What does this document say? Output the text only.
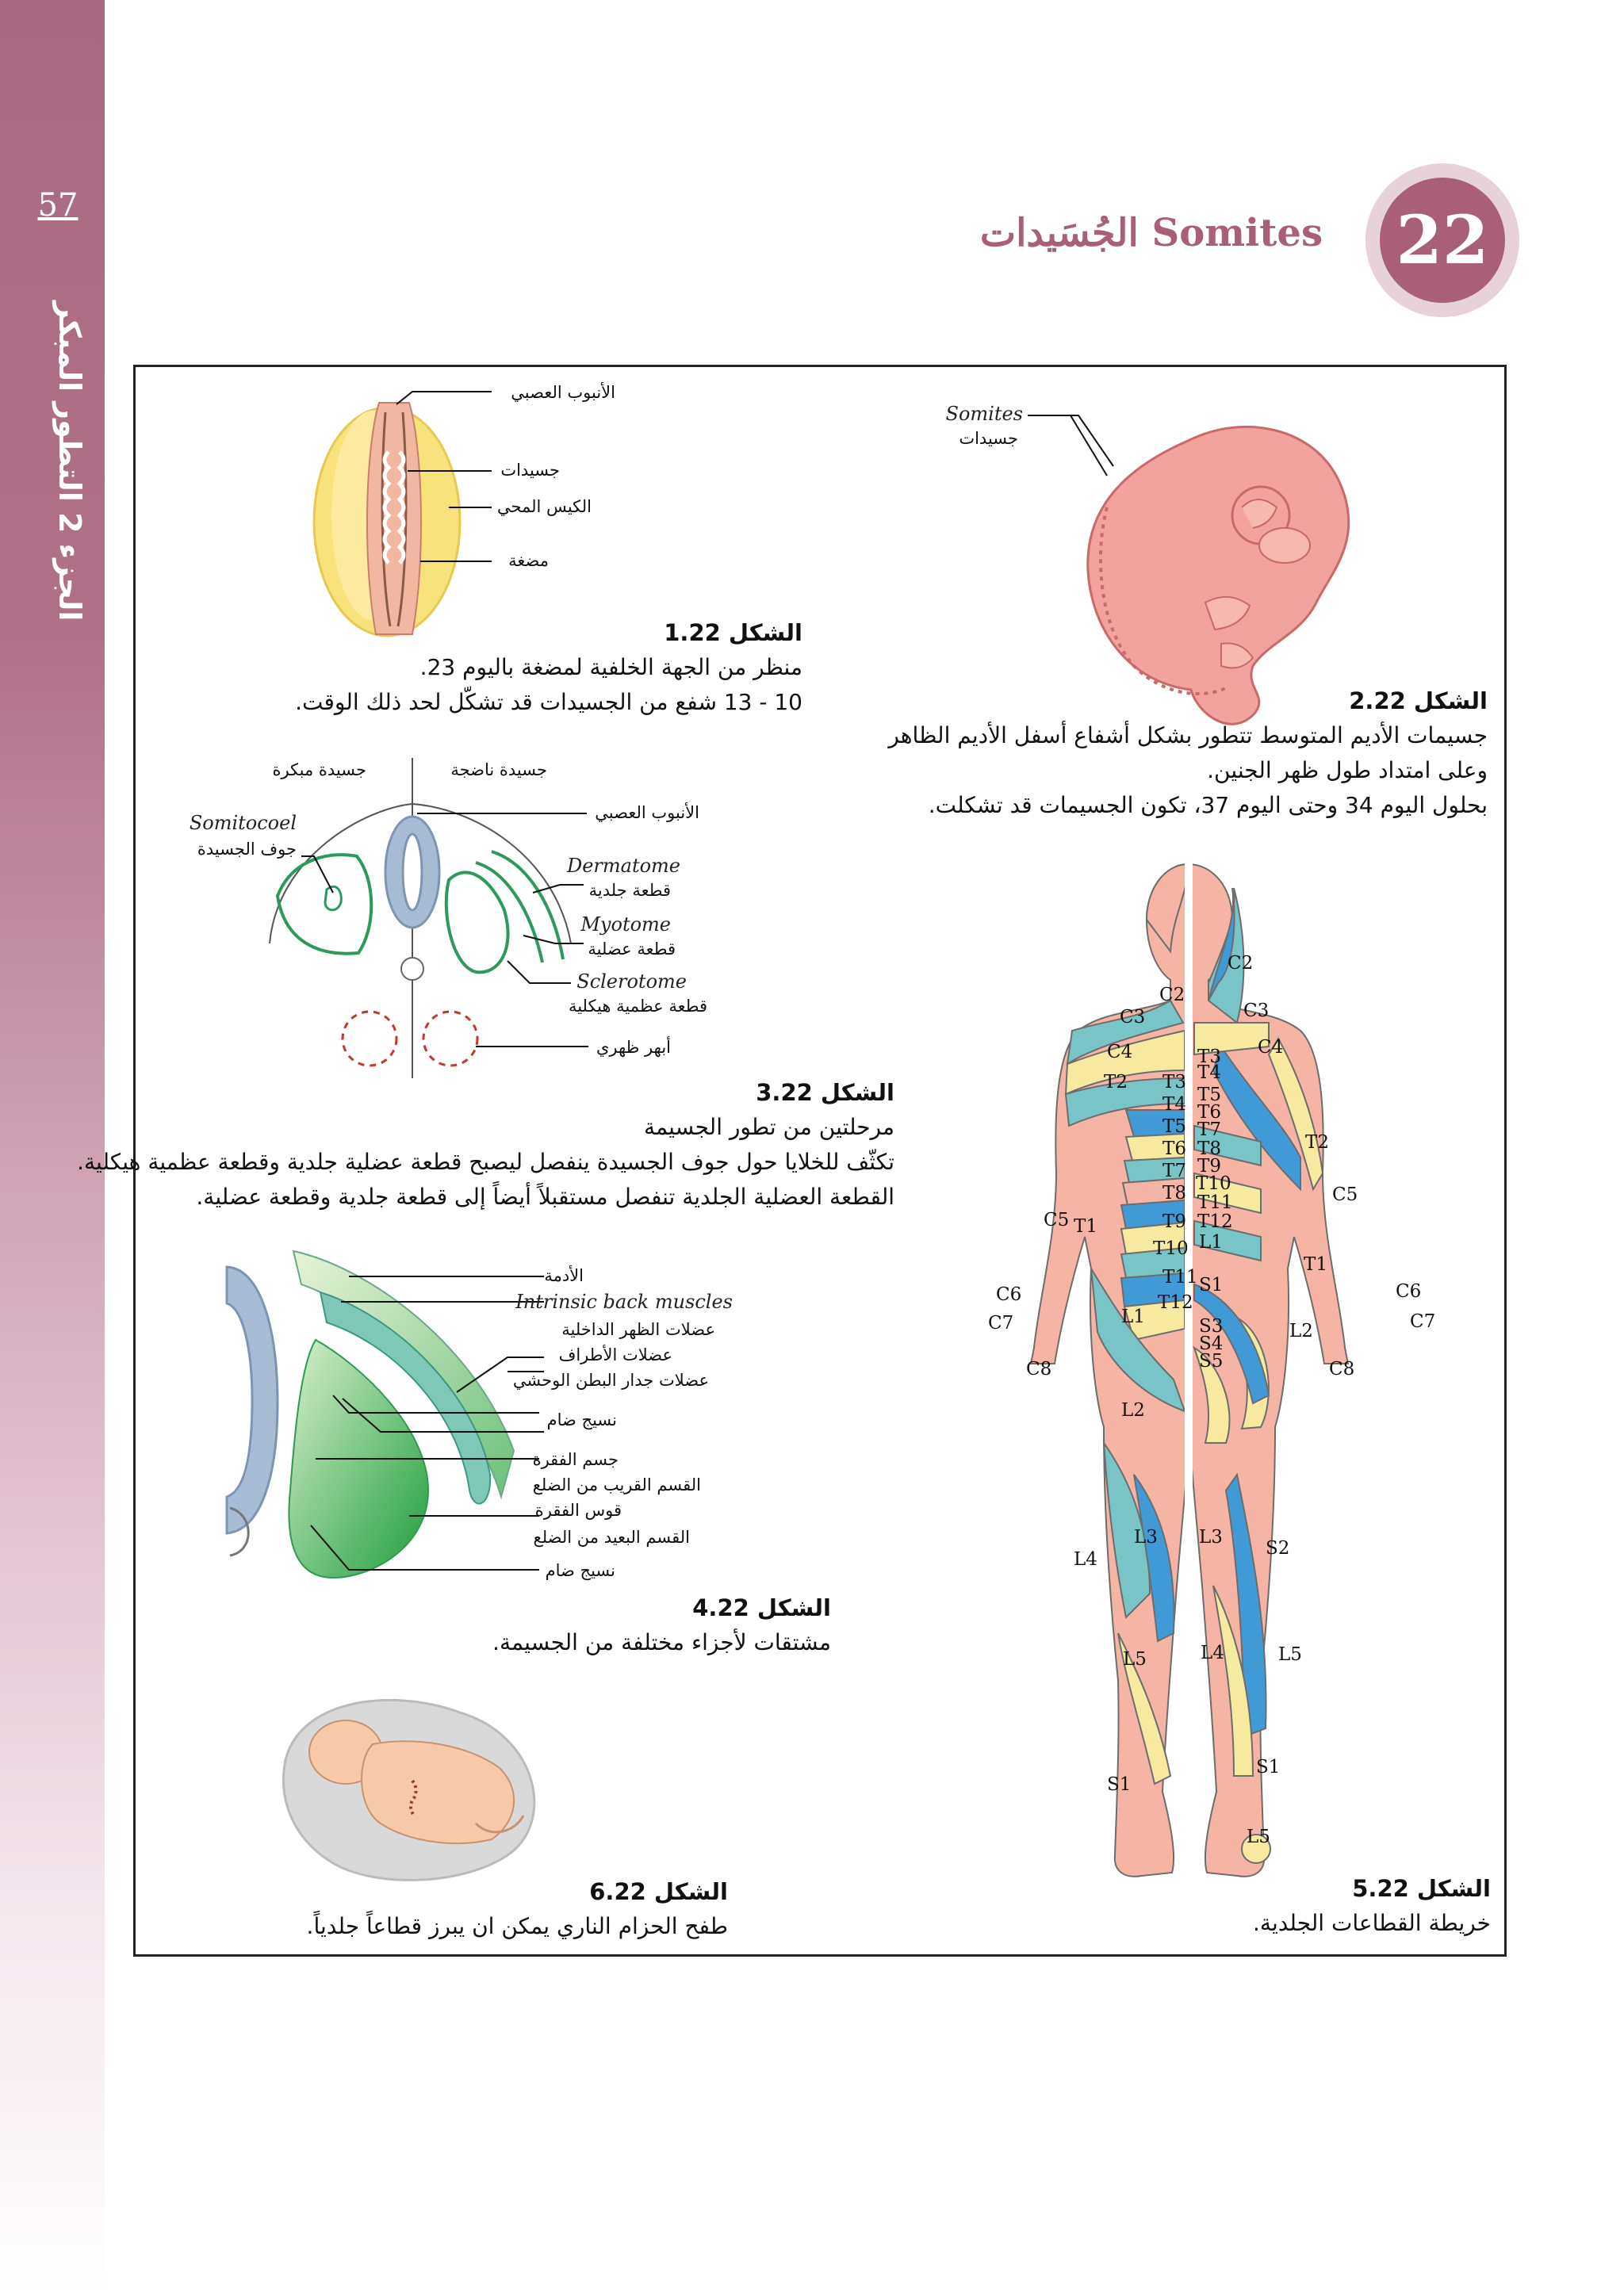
57
الجزء 2 التطور المبكر
22
الجُسَيدات Somites
الأنبوب العصبي
جسيدات
الكيس المحي
مضغة
Somites
جسيدات
جسيدة مبكرة	جسيدة ناضجة
Somitocoel
جوف الجسيدة
الأنبوب العصبي
Dermatome
قطعة جلدية
Myotome
قطعة عضلية
Sclerotome
قطعة عظمية هيكلية
أبهر ظهري
الأدمة
Intrinsic back muscles
عضلات الظهر الداخلية
عضلات الأطراف
عضلات جدار البطن الوحشي
نسيج ضام
جسم الفقرة
القسم القريب من الضلع
قوس الفقرة
القسم البعيد من الضلع
نسيج ضام
C2
C2
C3	C3
C4	C4
T2
T2
T3
T4
T5
T6
T7
T8
T9
T10
T11
T12
T3
T4
T5
T6
T7
T8
T9
T10
T11
T12
L1
S1
S3
S4
S5
T1
T1
C5
C5
C6	C6
C7	C7
C8	C8
L1
L2
L2
L3 L3
L4
L4
L5	L5
L5
S1
S1
S2
الشكل 1.22
منظر من الجهة الخلفية لمضغة باليوم 23.
10 - 13 شفع من الجسيدات قد تشكّل لحد ذلك الوقت.	الشكل 2.22
جسيمات الأديم المتوسط تتطور بشكل أشفاع أسفل الأديم الظاهر
وعلى امتداد طول ظهر الجنين.
بحلول اليوم 34 وحتى اليوم 37، تكون الجسيمات قد تشكلت.
الشكل 3.22
مرحلتين من تطور الجسيمة
تكثّف للخلايا حول جوف الجسيدة ينفصل ليصبح قطعة عضلية جلدية وقطعة عظمية هيكلية.
القطعة العضلية الجلدية تنفصل مستقبلاً أيضاً إلى قطعة جلدية وقطعة عضلية.
الشكل 4.22
مشتقات لأجزاء مختلفة من الجسيمة.
الشكل 5.22
خريطة القطاعات الجلدية.
الشكل 6.22
طفح الحزام الناري يمكن ان يبرز قطاعاً جلدياً.
